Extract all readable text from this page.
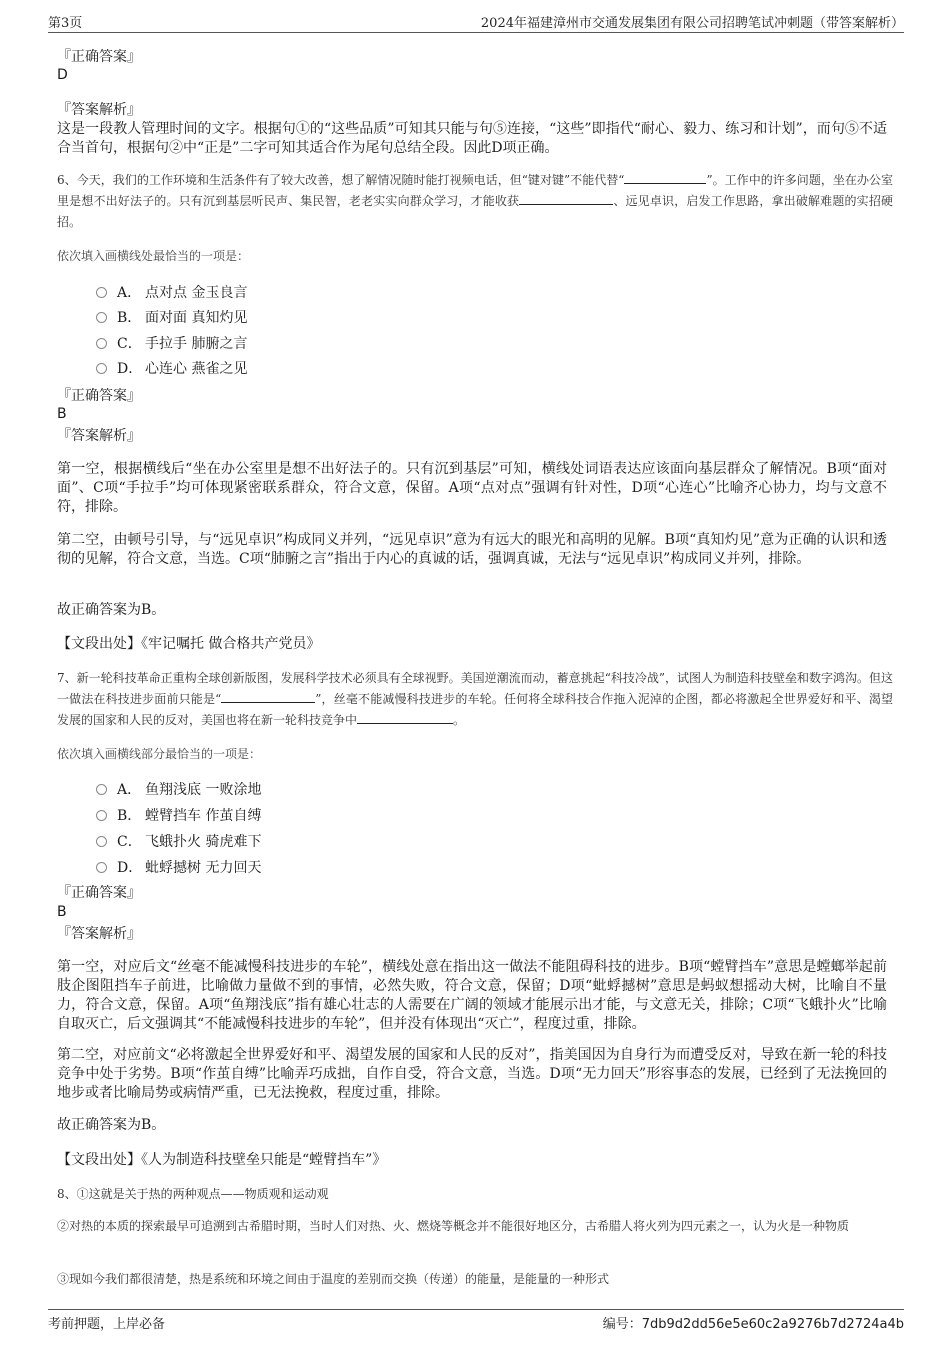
第3页	2024年福建漳州市交通发展集团有限公司招聘笔试冲刺题（带答案解析）
『正确答案』
D
『答案解析』
这是一段教人管理时间的文字。根据句①的“这些品质”可知其只能与句⑤连接，“这些”即指代“耐心、毅力、练习和计划”，而句⑤不适合当首句，根据句②中“正是”二字可知其适合作为尾句总结全段。因此D项正确。
6、今天，我们的工作环境和生活条件有了较大改善，想了解情况随时能打视频电话，但“键对键”不能代替“	”。工作中的许多问题，坐在办公室里是想不出好法子的。只有沉到基层听民声、集民智，老老实实向群众学习，才能收获	、远见卓识，启发工作思路，拿出破解难题的实招硬招。
依次填入画横线处最恰当的一项是：
A． 点对点 金玉良言
B． 面对面 真知灼见
C． 手拉手 肺腑之言
D． 心连心 燕雀之见
『正确答案』
B
『答案解析』
第一空，根据横线后“坐在办公室里是想不出好法子的。只有沉到基层”可知，横线处词语表达应该面向基层群众了解情况。B项“面对面”、C项“手拉手”均可体现紧密联系群众，符合文意，保留。A项“点对点”强调有针对性，D项“心连心”比喻齐心协力，均与文意不符，排除。
第二空，由顿号引导，与“远见卓识”构成同义并列，“远见卓识”意为有远大的眼光和高明的见解。B项“真知灼见”意为正确的认识和透彻的见解，符合文意，当选。C项“肺腑之言”指出于内心的真诚的话，强调真诚，无法与“远见卓识”构成同义并列，排除。
故正确答案为B。
【文段出处】《牢记嘱托 做合格共产党员》
7、新一轮科技革命正重构全球创新版图，发展科学技术必须具有全球视野。美国逆潮流而动，蓄意挑起“科技冷战”，试图人为制造科技壁垒和数字鸿沟。但这一做法在科技进步面前只能是“	”，丝毫不能减慢科技进步的车轮。任何将全球科技合作拖入泥淖的企图，都必将激起全世界爱好和平、渴望发展的国家和人民的反对，美国也将在新一轮科技竞争中	。
依次填入画横线部分最恰当的一项是：
A． 鱼翔浅底 一败涂地
B． 螳臂挡车 作茧自缚
C． 飞蛾扑火 骑虎难下
D． 蚍蜉撼树 无力回天
『正确答案』
B
『答案解析』
第一空，对应后文“丝毫不能减慢科技进步的车轮”，横线处意在指出这一做法不能阻碍科技的进步。B项“螳臂挡车”意思是螳螂举起前肢企图阻挡车子前进，比喻做力量做不到的事情，必然失败，符合文意，保留；D项“蚍蜉撼树”意思是蚂蚁想摇动大树，比喻自不量力，符合文意，保留。A项“鱼翔浅底”指有雄心壮志的人需要在广阔的领域才能展示出才能，与文意无关，排除；C项“飞蛾扑火”比喻自取灭亡，后文强调其“不能减慢科技进步的车轮”，但并没有体现出“灭亡”，程度过重，排除。
第二空，对应前文“必将激起全世界爱好和平、渴望发展的国家和人民的反对”，指美国因为自身行为而遭受反对，导致在新一轮的科技竞争中处于劣势。B项“作茧自缚”比喻弄巧成拙，自作自受，符合文意，当选。D项“无力回天”形容事态的发展，已经到了无法挽回的地步或者比喻局势或病情严重，已无法挽救，程度过重，排除。
故正确答案为B。
【文段出处】《人为制造科技壁垒只能是“螳臂挡车”》
8、①这就是关于热的两种观点——物质观和运动观
②对热的本质的探索最早可追溯到古希腊时期，当时人们对热、火、燃烧等概念并不能很好地区分，古希腊人将火列为四元素之一，认为火是一种物质
③现如今我们都很清楚，热是系统和环境之间由于温度的差别而交换（传递）的能量，是能量的一种形式
考前押题，上岸必备	编号：7db9d2dd56e5e60c2a9276b7d2724a4b
